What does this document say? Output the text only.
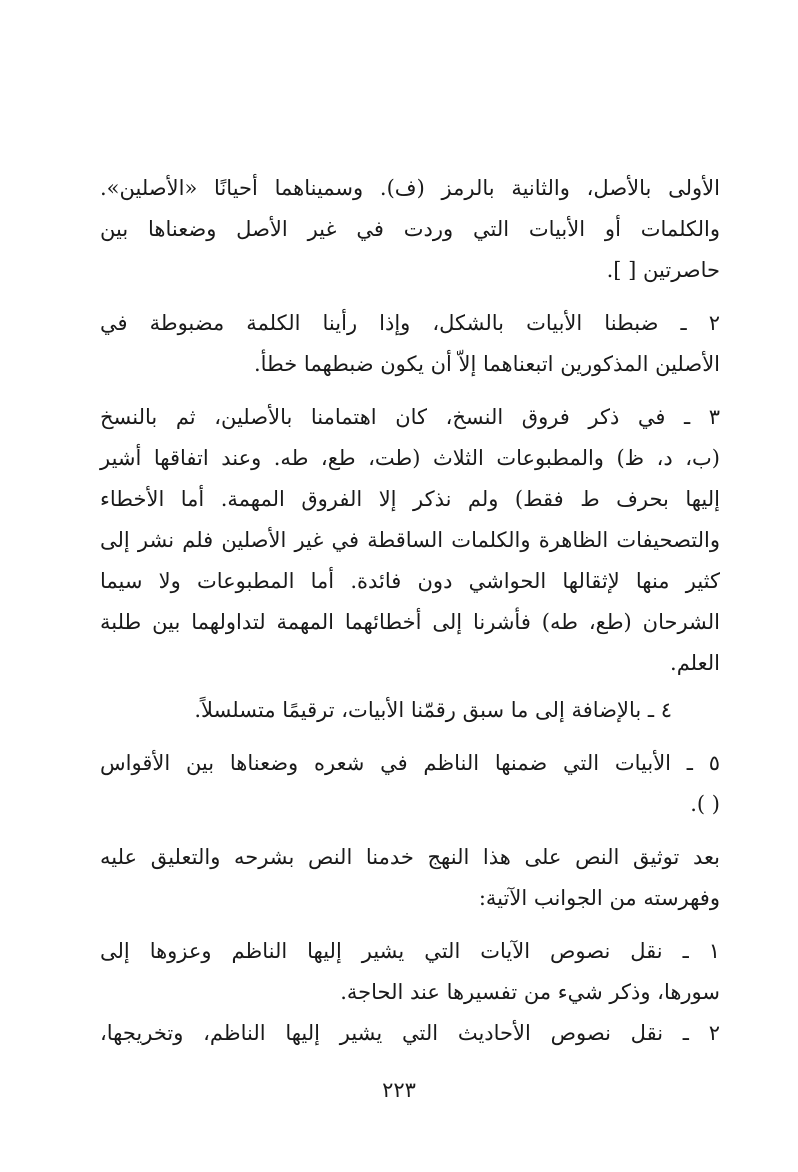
الأولى بالأصل، والثانية بالرمز (ف). وسميناهما أحيانًا «الأصلين».
والكلمات أو الأبيات التي وردت في غير الأصل وضعناها بين
حاصرتين [ ].
٢ ـ ضبطنا الأبيات بالشكل، وإذا رأينا الكلمة مضبوطة في
الأصلين المذكورين اتبعناهما إلاّ أن يكون ضبطهما خطأ.
٣ ـ في ذكر فروق النسخ، كان اهتمامنا بالأصلين، ثم بالنسخ
(ب، د، ظ) والمطبوعات الثلاث (طت، طع، طه. وعند اتفاقها أشير
إليها بحرف ط فقط) ولم نذكر إلا الفروق المهمة. أما الأخطاء
والتصحيفات الظاهرة والكلمات الساقطة في غير الأصلين فلم نشر إلى
كثير منها لإثقالها الحواشي دون فائدة. أما المطبوعات ولا سيما
الشرحان (طع، طه) فأشرنا إلى أخطائهما المهمة لتداولهما بين طلبة
العلم.
٤ ـ بالإضافة إلى ما سبق رقمّنا الأبيات، ترقيمًا متسلسلاً.
٥ ـ الأبيات التي ضمنها الناظم في شعره وضعناها بين الأقواس
( ).
بعد توثيق النص على هذا النهج خدمنا النص بشرحه والتعليق عليه
وفهرسته من الجوانب الآتية:
١ ـ نقل نصوص الآيات التي يشير إليها الناظم وعزوها إلى
سورها، وذكر شيء من تفسيرها عند الحاجة.
٢ ـ نقل نصوص الأحاديث التي يشير إليها الناظم، وتخريجها،
٢٢٣
